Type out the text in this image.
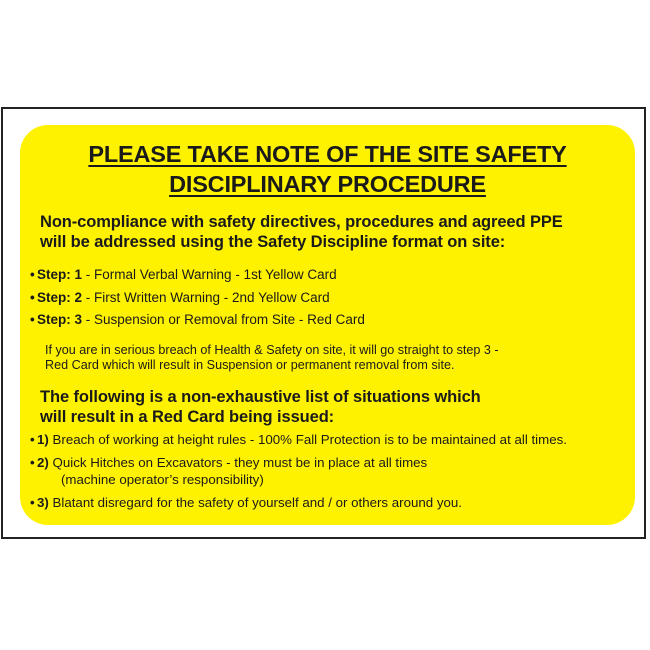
PLEASE TAKE NOTE OF THE SITE SAFETY
DISCIPLINARY PROCEDURE
Non-compliance with safety directives, procedures and agreed PPE
will be addressed using the Safety Discipline format on site:
• Step: 1 - Formal Verbal Warning - 1st Yellow Card
• Step: 2 - First Written Warning - 2nd Yellow Card
• Step: 3 - Suspension or Removal from Site - Red Card
If you are in serious breach of Health & Safety on site, it will go straight to step 3 -
Red Card which will result in Suspension or permanent removal from site.
The following is a non-exhaustive list of situations which
will result in a Red Card being issued:
• 1) Breach of working at height rules - 100% Fall Protection is to be maintained at all times.
• 2) Quick Hitches on Excavators - they must be in place at all times
(machine operator’s responsibility)
• 3) Blatant disregard for the safety of yourself and / or others around you.
